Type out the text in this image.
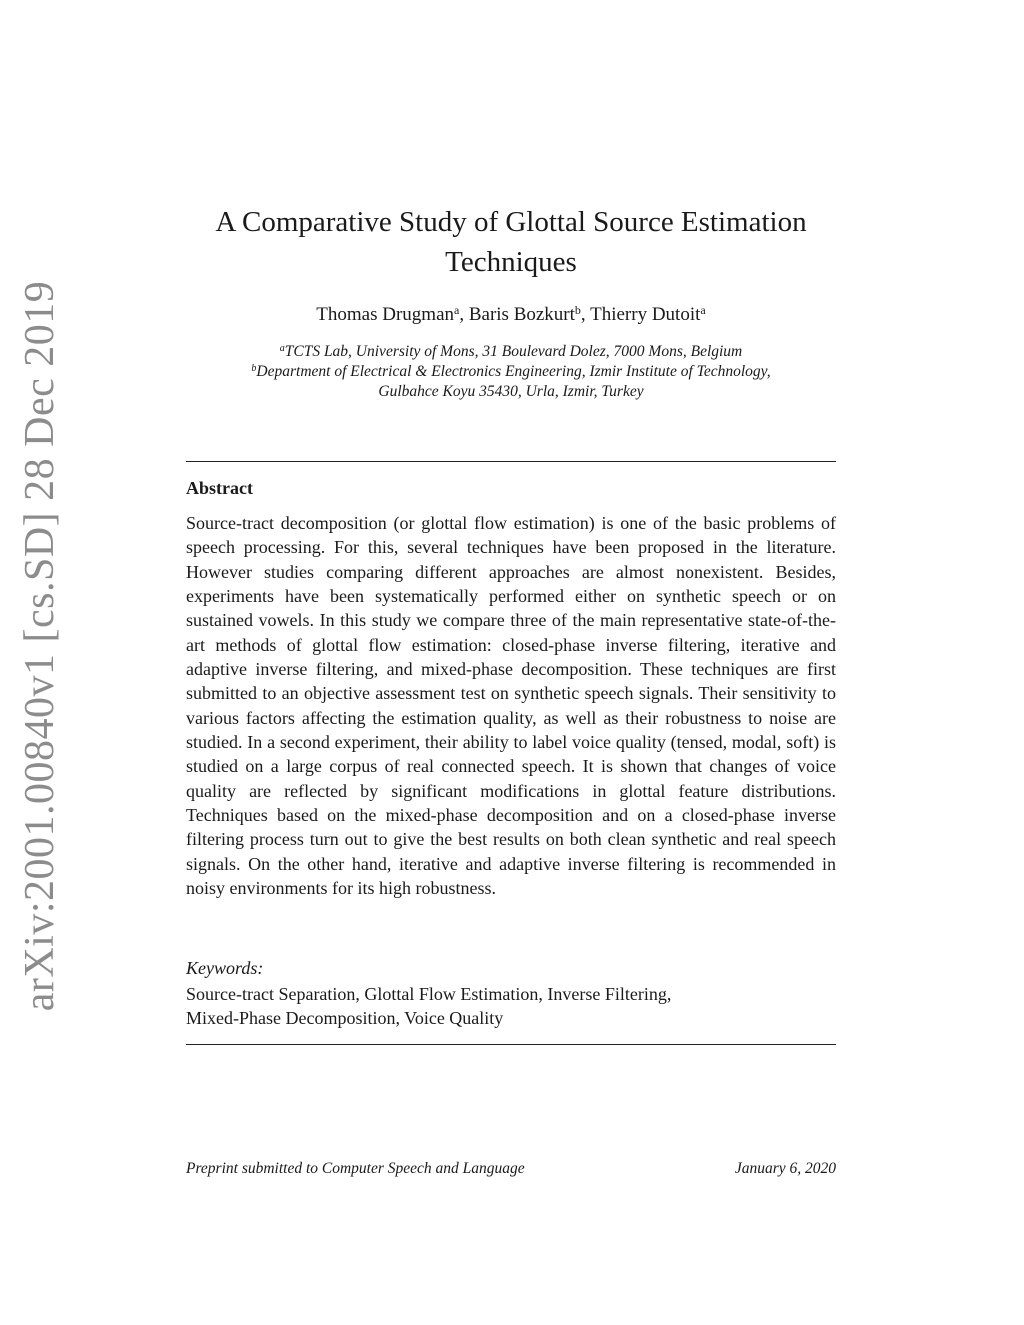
arXiv:2001.00840v1 [cs.SD] 28 Dec 2019
A Comparative Study of Glottal Source Estimation Techniques
Thomas Drugman$^a$, Baris Bozkurt$^b$, Thierry Dutoit$^a$
$^a$TCTS Lab, University of Mons, 31 Boulevard Dolez, 7000 Mons, Belgium
$^b$Department of Electrical & Electronics Engineering, Izmir Institute of Technology,
Gulbahce Koyu 35430, Urla, Izmir, Turkey
Abstract

Source-tract decomposition (or glottal flow estimation) is one of the basic problems of speech processing. For this, several techniques have been proposed in the literature. However studies comparing different approaches are almost nonexistent. Besides, experiments have been systematically performed either on synthetic speech or on sustained vowels. In this study we compare three of the main representative state-of-the-art methods of glottal flow estimation: closed-phase inverse filtering, iterative and adaptive inverse filtering, and mixed-phase decomposition. These techniques are first submitted to an objective assessment test on synthetic speech signals. Their sensitivity to various factors affecting the estimation quality, as well as their robustness to noise are studied. In a second experiment, their ability to label voice quality (tensed, modal, soft) is studied on a large corpus of real connected speech. It is shown that changes of voice quality are reflected by significant modifications in glottal feature distributions. Techniques based on the mixed-phase decomposition and on a closed-phase inverse filtering process turn out to give the best results on both clean synthetic and real speech signals. On the other hand, iterative and adaptive inverse filtering is recommended in noisy environments for its high robustness.

Keywords:
Source-tract Separation, Glottal Flow Estimation, Inverse Filtering,
Mixed-Phase Decomposition, Voice Quality
Preprint submitted to Computer Speech and Language	January 6, 2020
